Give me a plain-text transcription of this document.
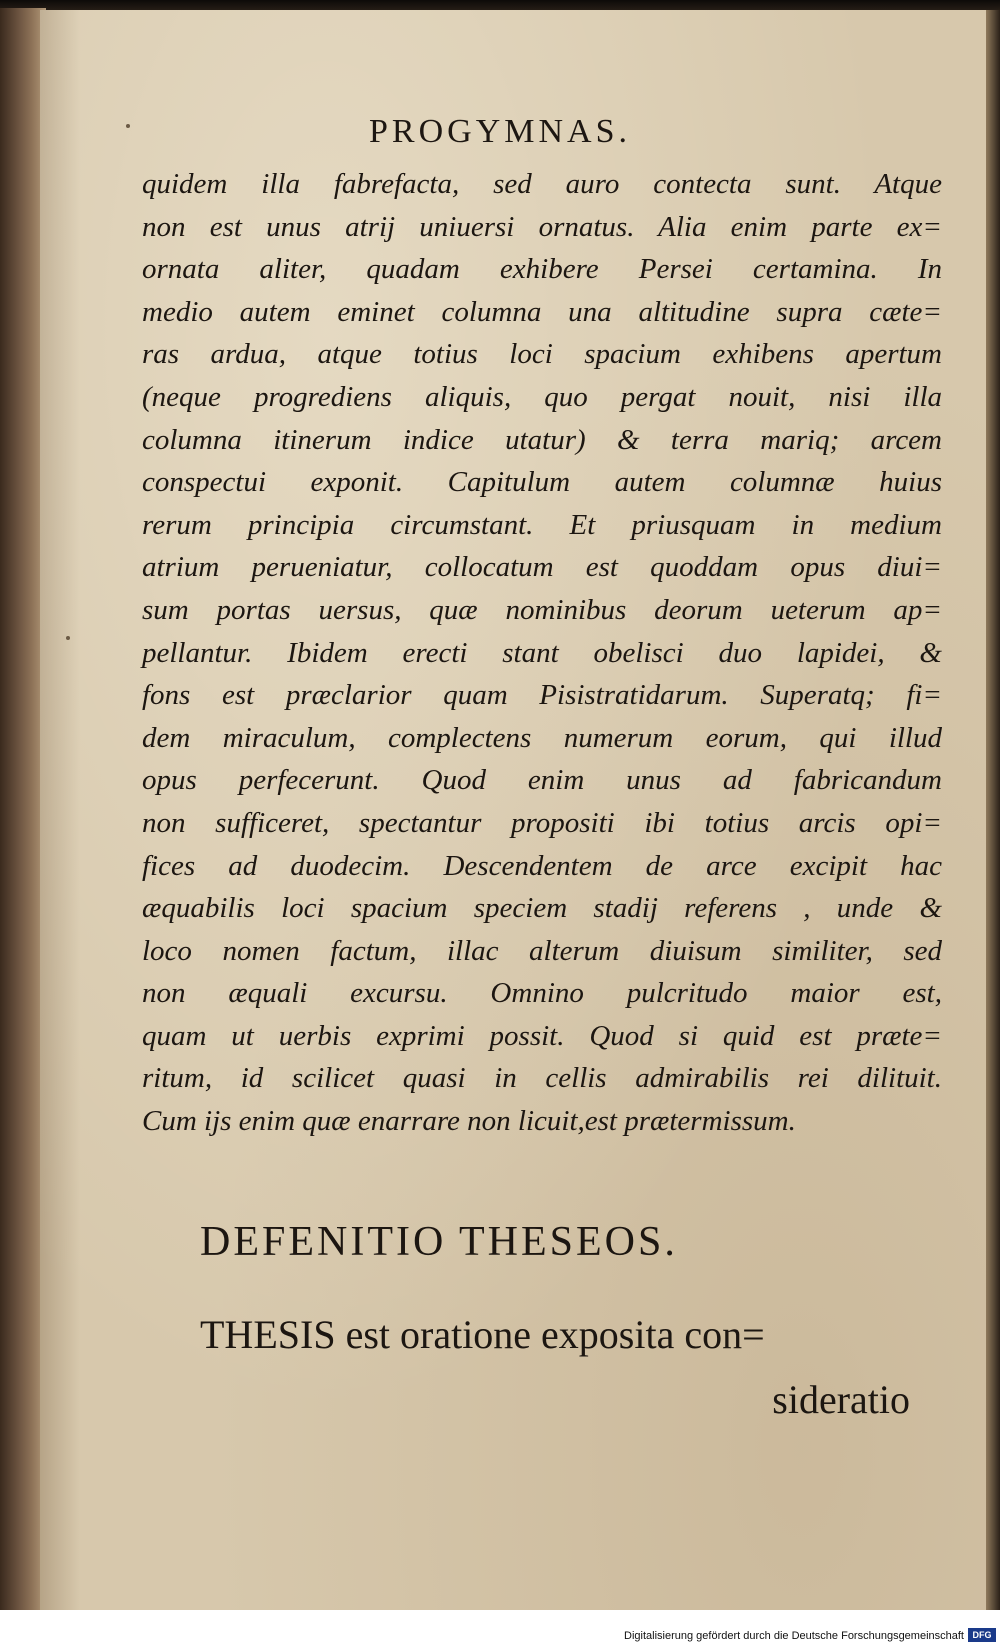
PROGYMNAS.
quidem illa fabrefacta, sed auro contecta sunt. Atque
non est unus atrij uniuersi ornatus. Alia enim parte ex=
ornata aliter, quadam exhibere Persei certamina. In
medio autem eminet columna una altitudine supra cæte=
ras ardua, atque totius loci spacium exhibens apertum
(neque progrediens aliquis, quo pergat nouit, nisi illa
columna itinerum indice utatur) & terra mariq; arcem
conspectui exponit. Capitulum autem columnæ huius
rerum principia circumstant. Et priusquam in medium
atrium perueniatur, collocatum est quoddam opus diui=
sum portas uersus, quæ nominibus deorum ueterum ap=
pellantur. Ibidem erecti stant obelisci duo lapidei, &
fons est præclarior quam Pisistratidarum. Superatq; fi=
dem miraculum, complectens numerum eorum, qui illud
opus perfecerunt. Quod enim unus ad fabricandum
non sufficeret, spectantur propositi ibi totius arcis opi=
fices ad duodecim. Descendentem de arce excipit hac
æquabilis loci spacium speciem stadij referens , unde &
loco nomen factum, illac alterum diuisum similiter, sed
non æquali excursu. Omnino pulcritudo maior est,
quam ut uerbis exprimi possit. Quod si quid est præte=
ritum, id scilicet quasi in cellis admirabilis rei dilituit.
Cum ijs enim quæ enarrare non licuit,est prætermissum.
DEFENITIO THESEOS.
THESIS est oratione exposita con=
sideratio
Digitalisierung gefördert durch die Deutsche Forschungsgemeinschaft DFG
